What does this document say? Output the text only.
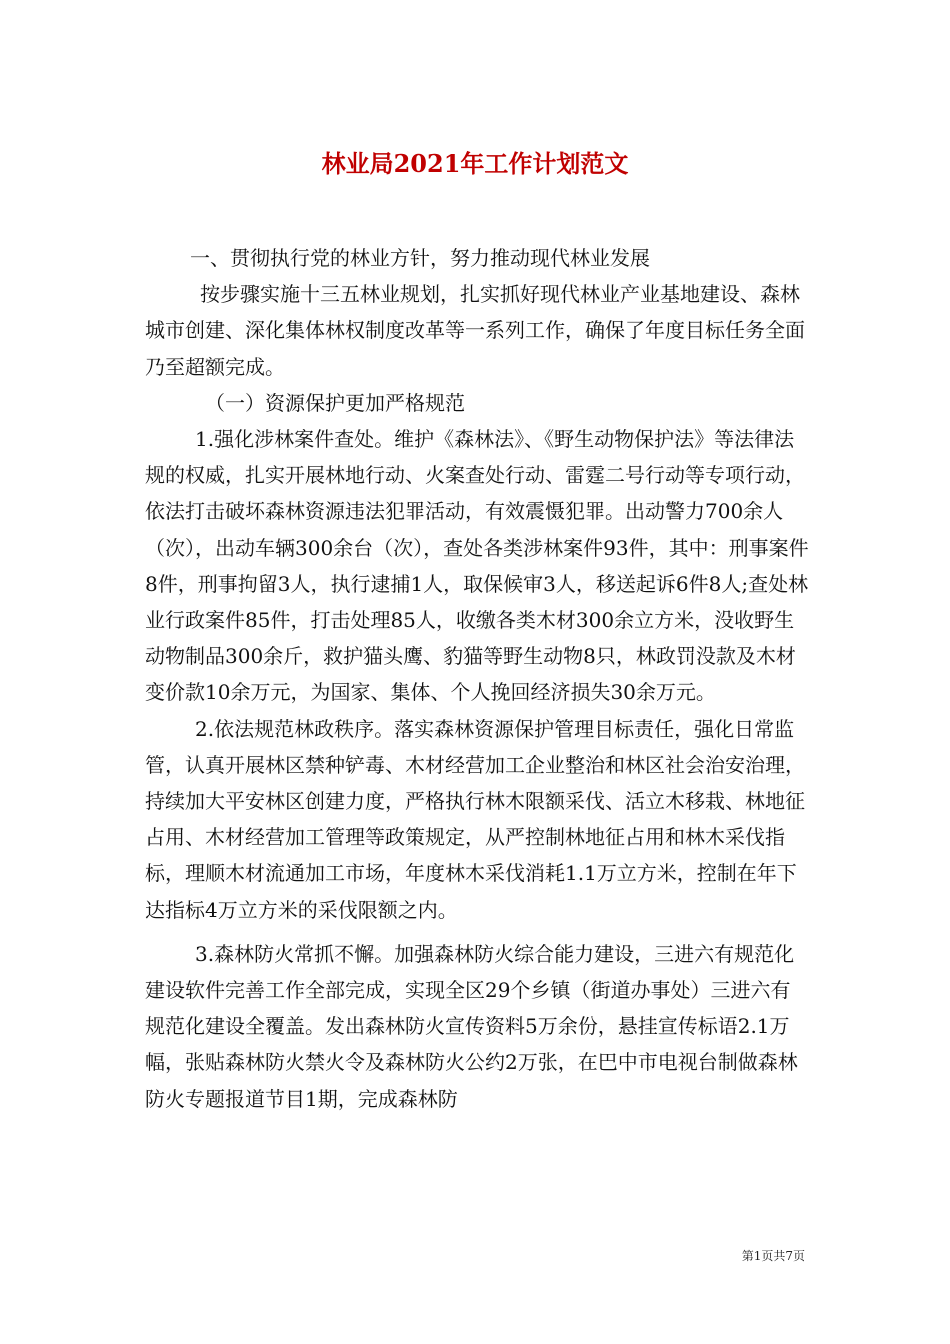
林业局2021年工作计划范文

一、贯彻执行党的林业方针，努力推动现代林业发展

按步骤实施十三五林业规划，扎实抓好现代林业产业基地建设、森林城市创建、深化集体林权制度改革等一系列工作，确保了年度目标任务全面乃至超额完成。

（一）资源保护更加严格规范

1.强化涉林案件查处。维护《森林法》、《野生动物保护法》等法律法规的权威，扎实开展林地行动、火案查处行动、雷霆二号行动等专项行动，依法打击破坏森林资源违法犯罪活动，有效震慑犯罪。出动警力700余人（次），出动车辆300余台（次），查处各类涉林案件93件，其中：刑事案件8件，刑事拘留3人，执行逮捕1人，取保候审3人，移送起诉6件8人;查处林业行政案件85件，打击处理85人，收缴各类木材300余立方米，没收野生动物制品300余斤，救护猫头鹰、豹猫等野生动物8只，林政罚没款及木材变价款10余万元，为国家、集体、个人挽回经济损失30余万元。

2.依法规范林政秩序。落实森林资源保护管理目标责任，强化日常监管，认真开展林区禁种铲毒、木材经营加工企业整治和林区社会治安治理，持续加大平安林区创建力度，严格执行林木限额采伐、活立木移栽、林地征占用、木材经营加工管理等政策规定，从严控制林地征占用和林木采伐指标，理顺木材流通加工市场，年度林木采伐消耗1.1万立方米，控制在年下达指标4万立方米的采伐限额之内。

3.森林防火常抓不懈。加强森林防火综合能力建设，三进六有规范化建设软件完善工作全部完成，实现全区29个乡镇（街道办事处）三进六有规范化建设全覆盖。发出森林防火宣传资料5万余份，悬挂宣传标语2.1万幅，张贴森林防火禁火令及森林防火公约2万张，在巴中市电视台制做森林防火专题报道节目1期，完成森林防

第1页共7页
